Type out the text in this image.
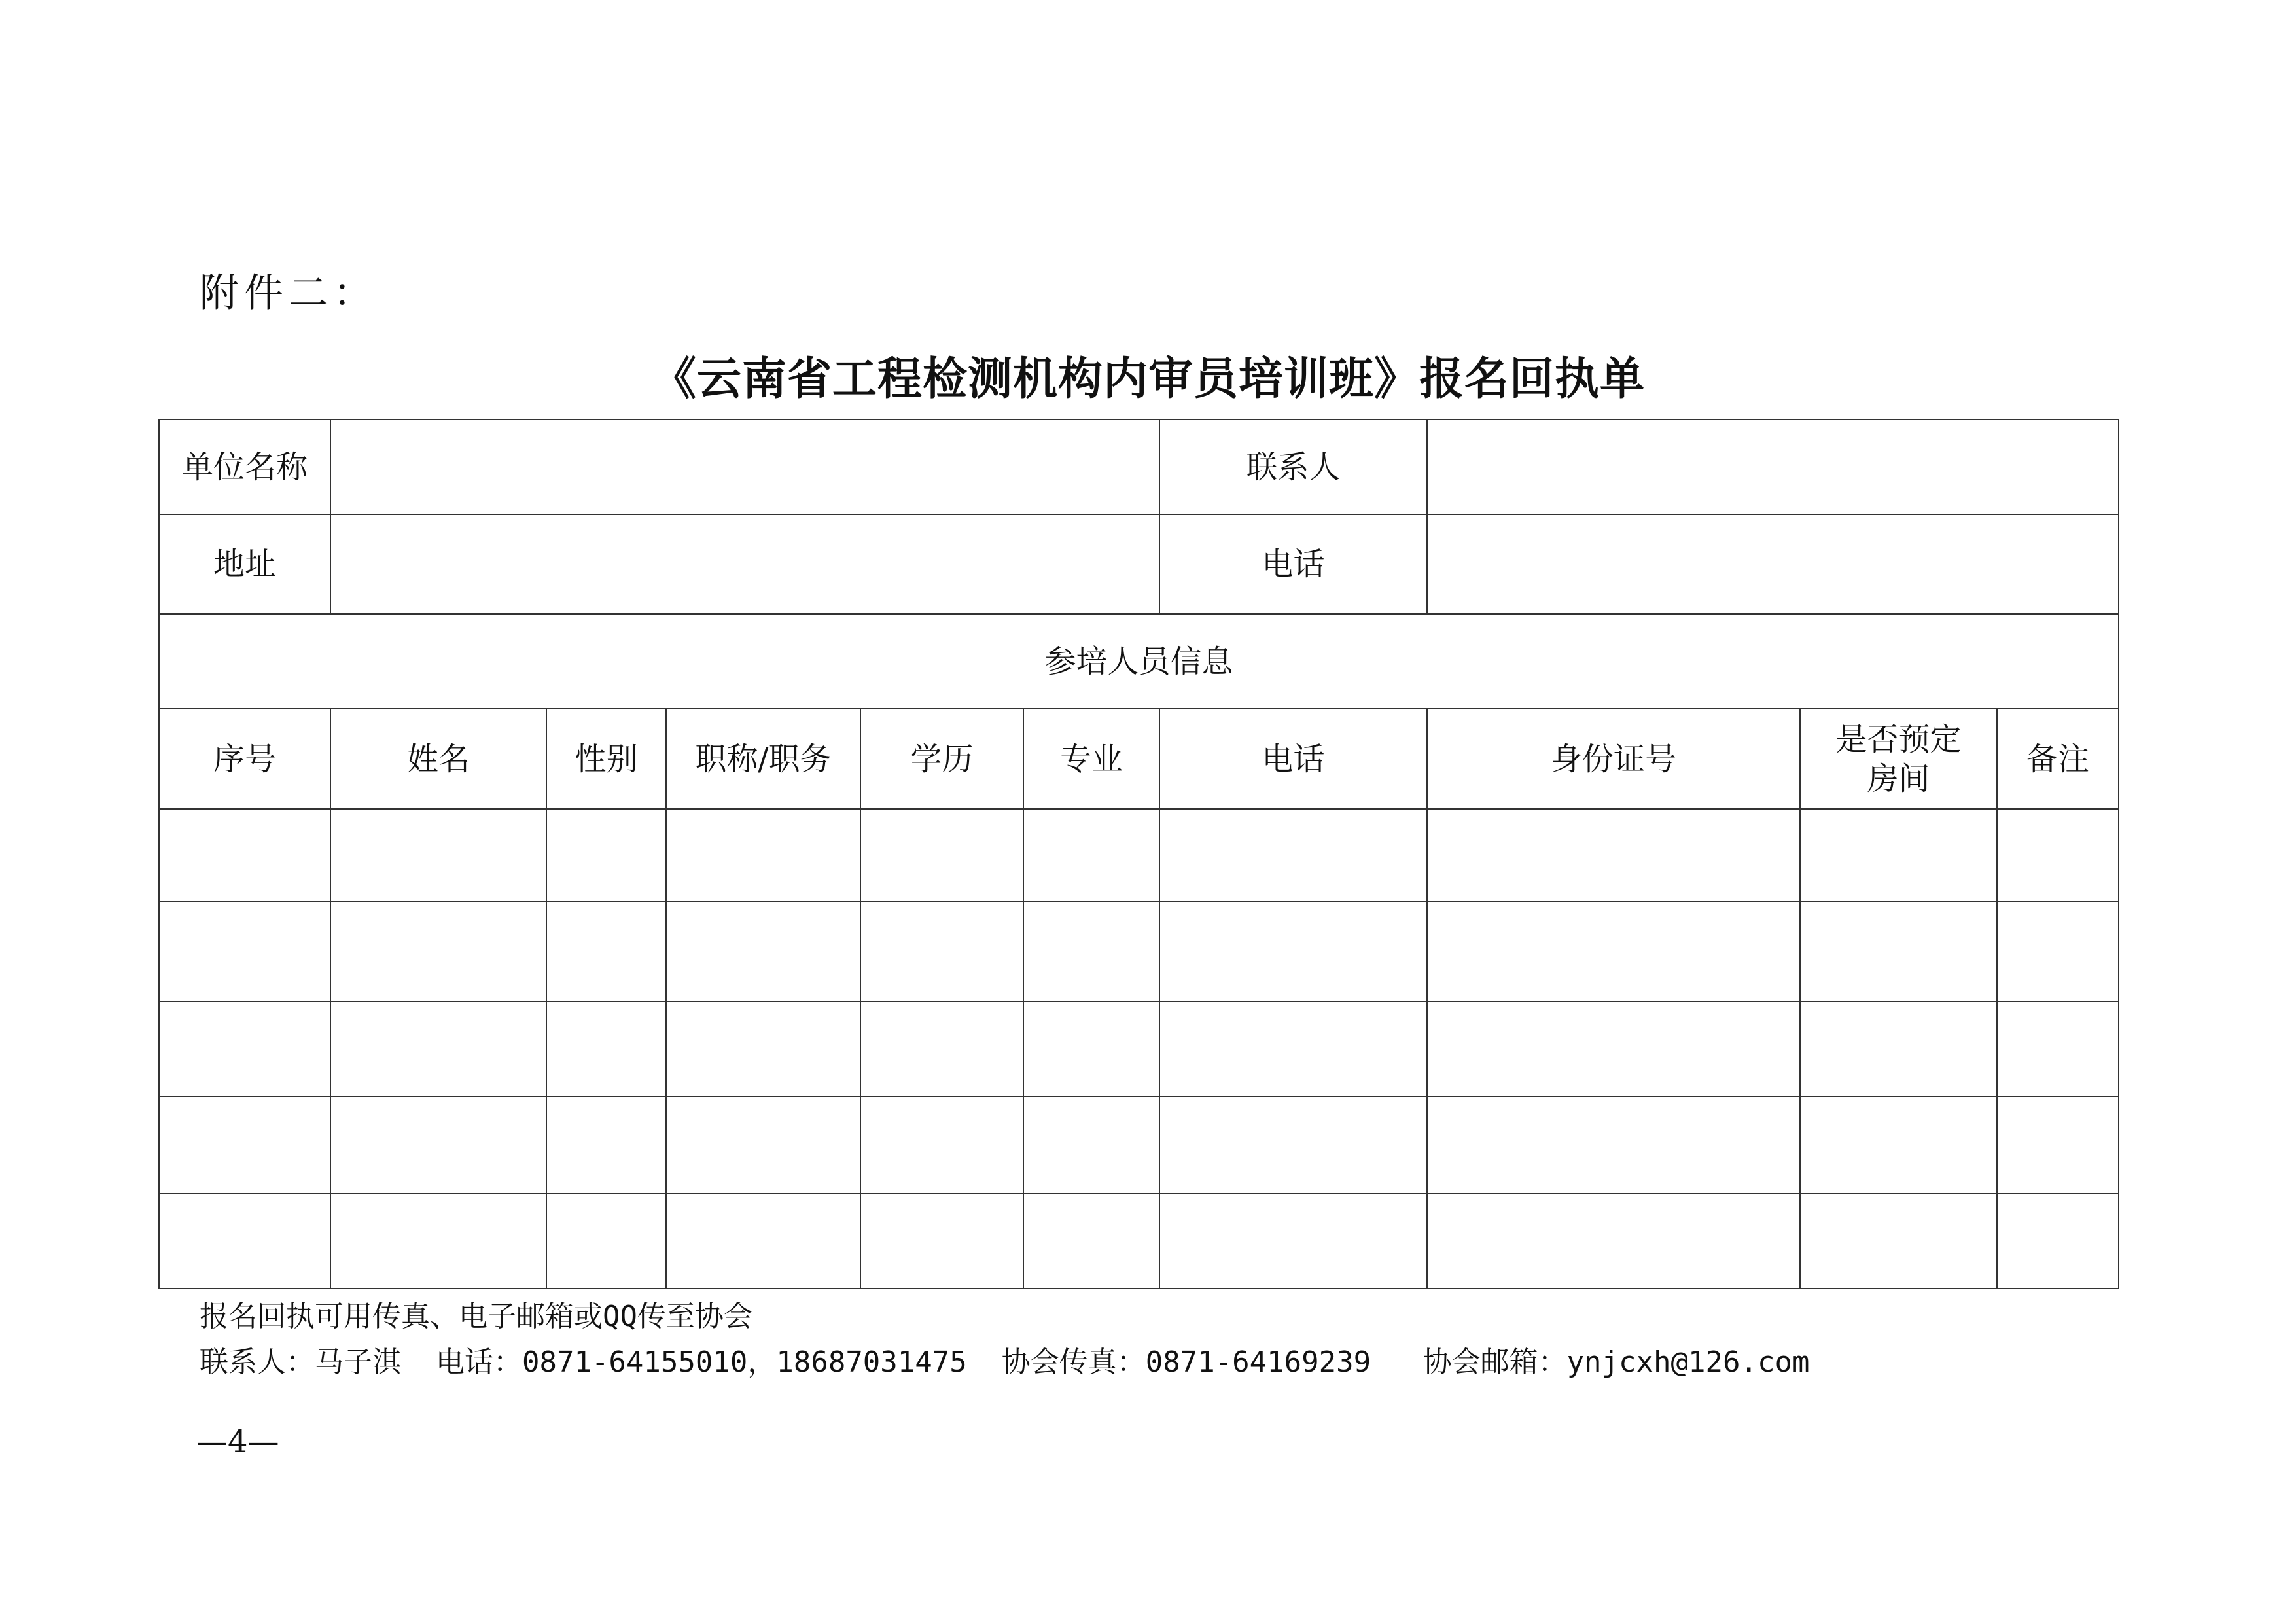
附件二：
《云南省工程检测机构内审员培训班》报名回执单
单位名称						联系人			
地址						电话			
参培人员信息									
序号	姓名	性别	职称/职务	学历	专业	电话	身份证号	是否预定房间	备注

报名回执可用传真、电子邮箱或QQ传至协会
联系人：马子淇  电话：0871-64155010，18687031475  协会传真：0871-64169239   协会邮箱：ynjcxh@126.com
—4—
